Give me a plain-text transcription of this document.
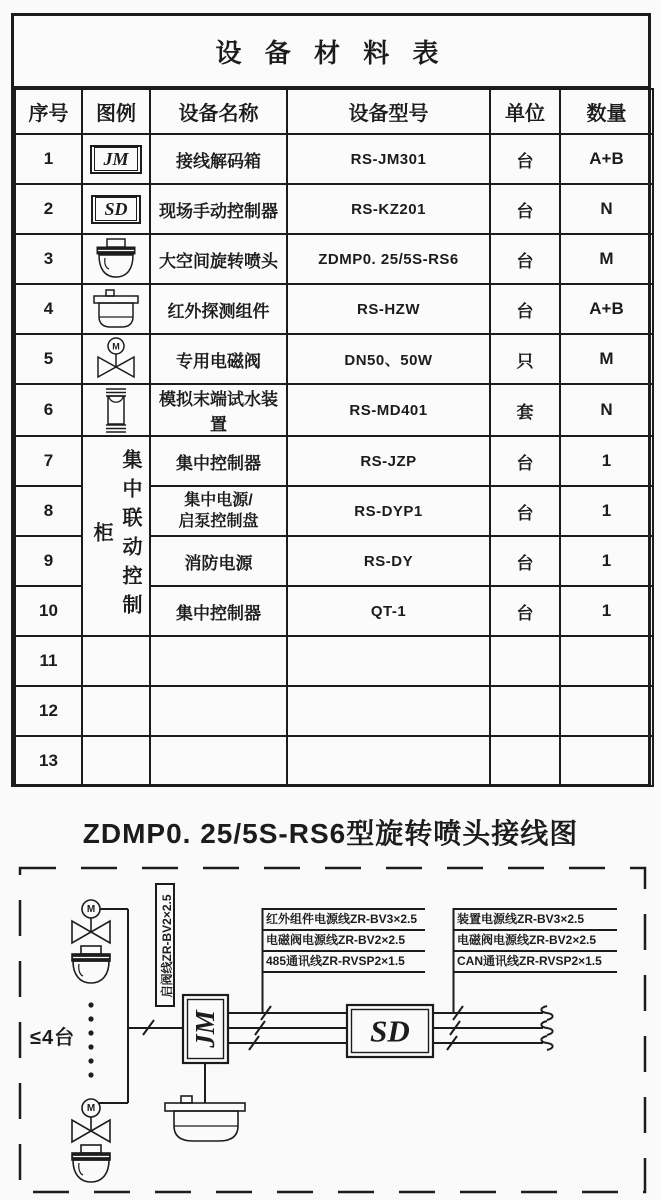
设 备 材 料 表
序号	图例	设备名称	设备型号	单位	数量
1	JM	接线解码箱	RS-JM301	台	A+B
2	SD	现场手动控制器	RS-KZ201	台	N
3		大空间旋转喷头	ZDMP0. 25/5S-RS6	台	M
4		红外探测组件	RS-HZW	台	A+B
5	M	专用电磁阀	DN50、50W	只	M
6		模拟末端试水装置	RS-MD401	套	N
7	集中联动控制柜	集中控制器	RS-JZP	台	1
8		集中电源/
启泵控制盘	RS-DYP1	台	1
9		消防电源	RS-DY	台	1
10		集中控制器	QT-1	台	1
11					
12					
13					
ZDMP0. 25/5S-RS6型旋转喷头接线图
M
M
JM	SD
启阀线ZR-BV2×2.5	红外组件电源线ZR-BV3×2.5
电磁阀电源线ZR-BV2×2.5
485通讯线ZR-RVSP2×1.5
装置电源线ZR-BV3×2.5
电磁阀电源线ZR-BV2×2.5
CAN通讯线ZR-RVSP2×1.5
≤4台
